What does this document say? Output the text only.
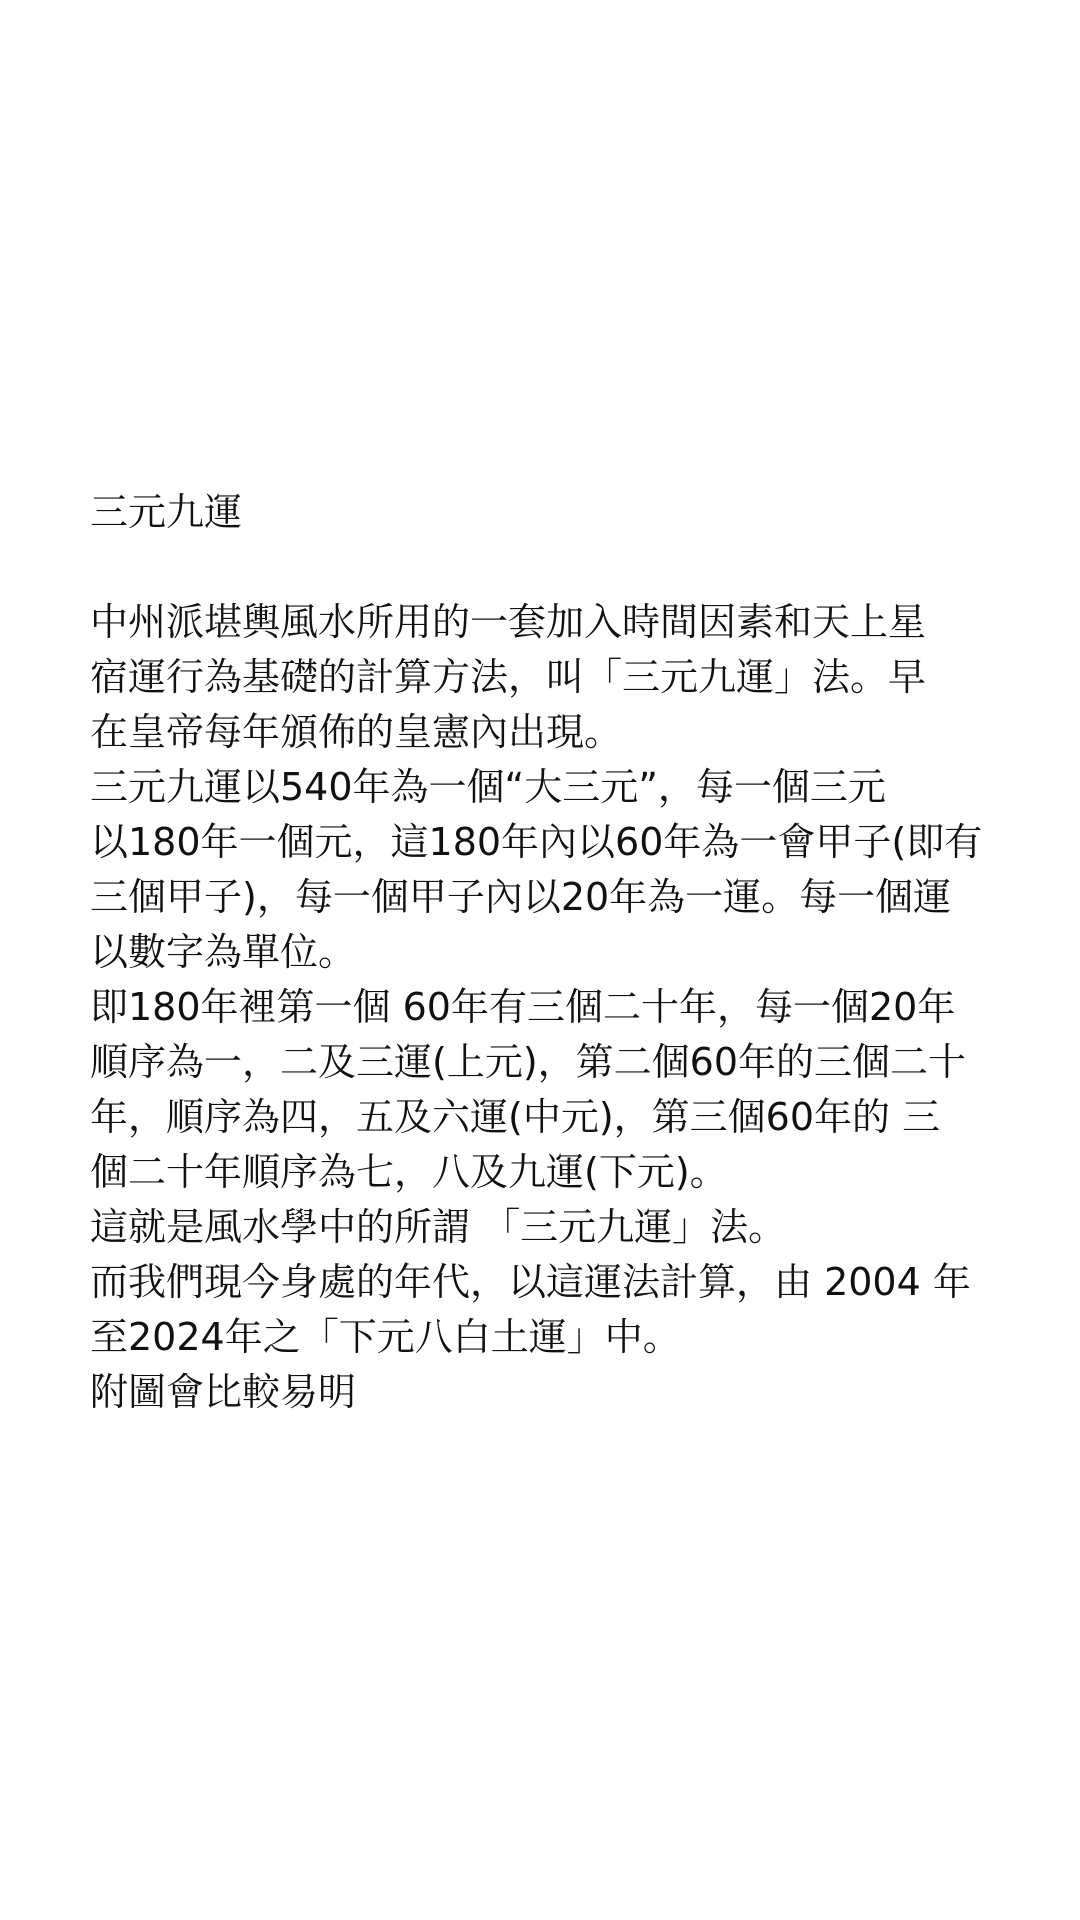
三元九運
中州派堪輿風水所用的一套加入時間因素和天上星
宿運行為基礎的計算方法，叫「三元九運」法。早
在皇帝每年頒佈的皇憲內出現。
三元九運以540年為一個“大三元”，每一個三元
以180年一個元，這180年內以60年為一會甲子(即有
三個甲子)，每一個甲子內以20年為一運。每一個運
以數字為單位。
即180年裡第一個 60年有三個二十年，每一個20年
順序為一，二及三運(上元)，第二個60年的三個二十
年，順序為四，五及六運(中元)，第三個60年的 三
個二十年順序為七，八及九運(下元)。
這就是風水學中的所謂 「三元九運」法。
而我們現今身處的年代，以這運法計算，由 2004 年
至2024年之「下元八白土運」中。
附圖會比較易明
